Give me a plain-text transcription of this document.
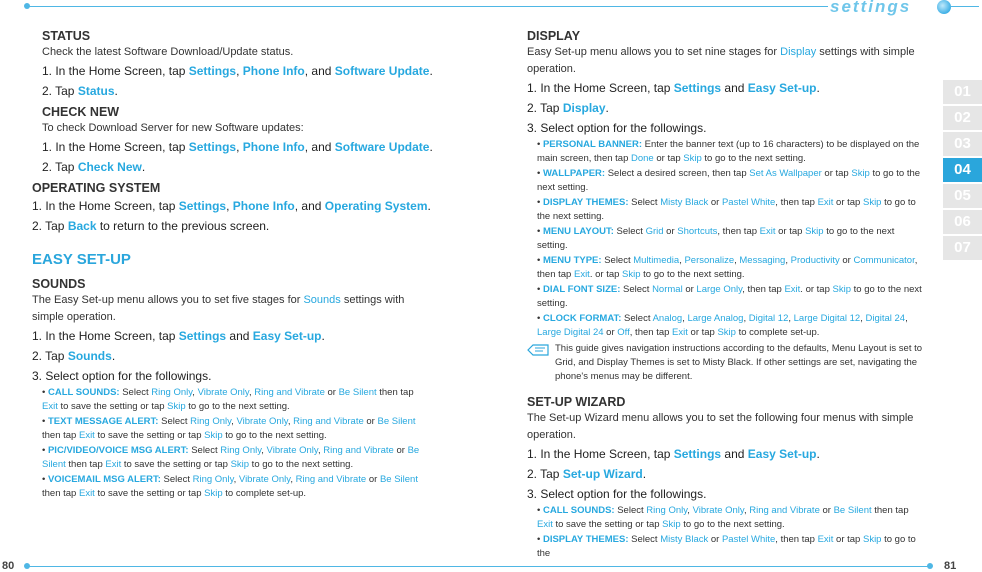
settings
80	81
01
02
03
04
05
06
07

STATUS

Check the latest Software Download/Update status.

1. In the Home Screen, tap Settings, Phone Info, and Software Update.

2. Tap Status.

CHECK NEW

To check Download Server for new Software updates:

1. In the Home Screen, tap Settings, Phone Info, and Software Update.

2. Tap Check New.

OPERATING SYSTEM

1. In the Home Screen, tap Settings, Phone Info, and Operating System.

2. Tap Back to return to the previous screen.

EASY SET-UP

SOUNDS

The Easy Set-up menu allows you to set five stages for Sounds settings with simple operation.

1. In the Home Screen, tap Settings and Easy Set-up.

2. Tap Sounds.

3. Select option for the followings.

• CALL SOUNDS: Select Ring Only, Vibrate Only, Ring and Vibrate or Be Silent then tap Exit to save the setting or tap Skip to go to the next setting.

• TEXT MESSAGE ALERT: Select Ring Only, Vibrate Only, Ring and Vibrate or Be Silent then tap Exit to save the setting or tap Skip to go to the next setting.

• PIC/VIDEO/VOICE MSG ALERT: Select Ring Only, Vibrate Only, Ring and Vibrate or Be Silent then tap Exit to save the setting or tap Skip to go to the next setting.

• VOICEMAIL MSG ALERT: Select Ring Only, Vibrate Only, Ring and Vibrate or Be Silent then tap Exit to save the setting or tap Skip to complete set-up.

DISPLAY

Easy Set-up menu allows you to set nine stages for Display settings with simple operation.

1. In the Home Screen, tap Settings and Easy Set-up.

2. Tap Display.

3. Select option for the followings.

• PERSONAL BANNER: Enter the banner text (up to 16 characters) to be displayed on the main screen, then tap Done or tap Skip to go to the next setting.

• WALLPAPER: Select a desired screen, then tap Set As Wallpaper or tap Skip to go to the next setting.

• DISPLAY THEMES: Select Misty Black or Pastel White, then tap Exit or tap Skip to go to the next setting.

• MENU LAYOUT: Select Grid or Shortcuts, then tap Exit or tap Skip to go to the next setting.

• MENU TYPE: Select Multimedia, Personalize, Messaging, Productivity or Communicator, then tap Exit. or tap Skip to go to the next setting.

• DIAL FONT SIZE: Select Normal or Large Only, then tap Exit. or tap Skip to go to the next setting.

• CLOCK FORMAT: Select Analog, Large Analog, Digital 12, Large Digital 12, Digital 24, Large Digital 24 or Off, then tap Exit or tap Skip to complete set-up.

This guide gives navigation instructions according to the defaults, Menu Layout is set to Grid, and Display Themes is set to Misty Black. If other settings are set, navigating the phone's menus may be different.

SET-UP WIZARD

The Set-up Wizard menu allows you to set the following four menus with simple operation.

1. In the Home Screen, tap Settings and Easy Set-up.

2. Tap Set-up Wizard.

3. Select option for the followings.

• CALL SOUNDS: Select Ring Only, Vibrate Only, Ring and Vibrate or Be Silent then tap Exit to save the setting or tap Skip to go to the next setting.

• DISPLAY THEMES: Select Misty Black or Pastel White, then tap Exit or tap Skip to go to the
